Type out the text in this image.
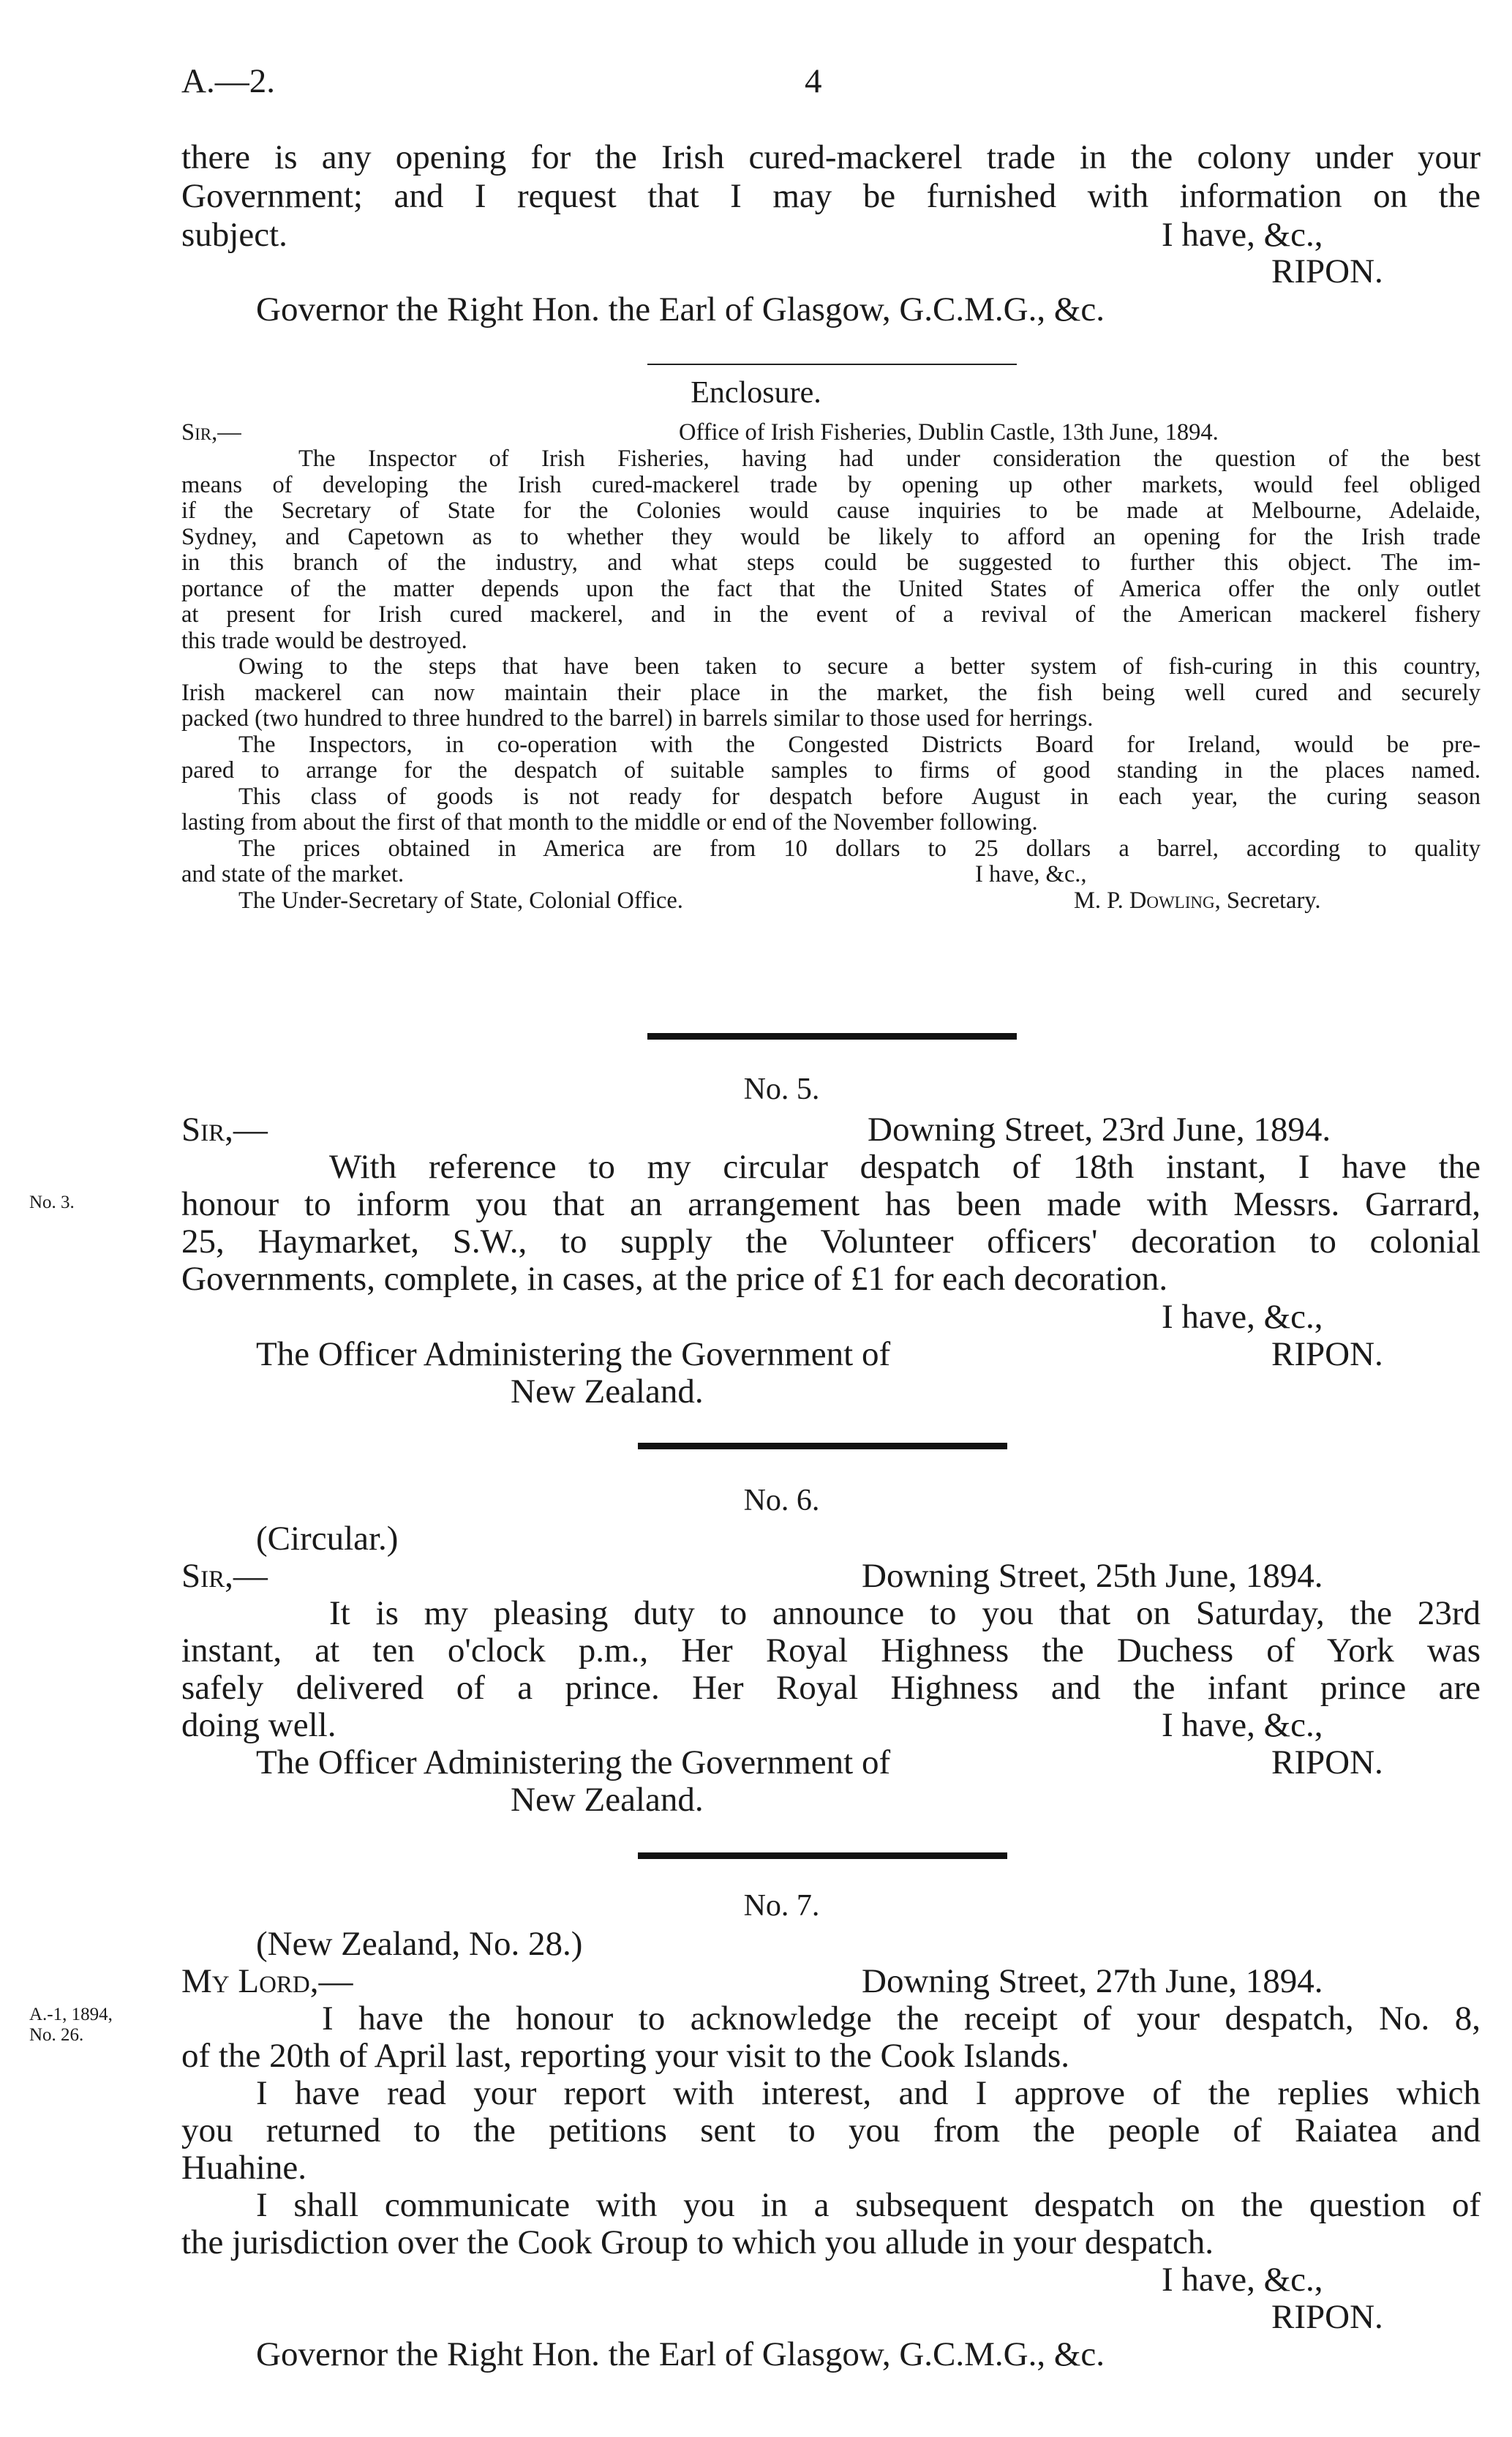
A.—2.	4
there is any opening for the Irish cured-mackerel trade in the colony under your
Government; and I request that I may be furnished with information on the
subject.	I have, &c.,
RIPON.
Governor the Right Hon. the Earl of Glasgow, G.C.M.G., &c.
Enclosure.
Sir,—	Office of Irish Fisheries, Dublin Castle, 13th June, 1894.
The Inspector of Irish Fisheries, having had under consideration the question of the best
means of developing the Irish cured-mackerel trade by opening up other markets, would feel obliged
if the Secretary of State for the Colonies would cause inquiries to be made at Melbourne, Adelaide,
Sydney, and Capetown as to whether they would be likely to afford an opening for the Irish trade
in this branch of the industry, and what steps could be suggested to further this object. The im-
portance of the matter depends upon the fact that the United States of America offer the only outlet
at present for Irish cured mackerel, and in the event of a revival of the American mackerel fishery
this trade would be destroyed.
Owing to the steps that have been taken to secure a better system of fish-curing in this country,
Irish mackerel can now maintain their place in the market, the fish being well cured and securely
packed (two hundred to three hundred to the barrel) in barrels similar to those used for herrings.
The Inspectors, in co-operation with the Congested Districts Board for Ireland, would be pre-
pared to arrange for the despatch of suitable samples to firms of good standing in the places named.
This class of goods is not ready for despatch before August in each year, the curing season
lasting from about the first of that month to the middle or end of the November following.
The prices obtained in America are from 10 dollars to 25 dollars a barrel, according to quality
and state of the market.	I have, &c.,
The Under-Secretary of State, Colonial Office.	M. P. Dowling, Secretary.
No. 5.
Sir,—	Downing Street, 23rd June, 1894.
With reference to my circular despatch of 18th instant, I have the
No. 3.	honour to inform you that an arrangement has been made with Messrs. Garrard,
25, Haymarket, S.W., to supply the Volunteer officers' decoration to colonial
Governments, complete, in cases, at the price of £1 for each decoration.
I have, &c.,
The Officer Administering the Government of	RIPON.
New Zealand.
No. 6.
(Circular.)
Sir,—	Downing Street, 25th June, 1894.
It is my pleasing duty to announce to you that on Saturday, the 23rd
instant, at ten o'clock p.m., Her Royal Highness the Duchess of York was
safely delivered of a prince. Her Royal Highness and the infant prince are
doing well.	I have, &c.,
The Officer Administering the Government of	RIPON.
New Zealand.
No. 7.
(New Zealand, No. 28.)
My Lord,—	Downing Street, 27th June, 1894.
A.-1, 1894,
No. 26.	I have the honour to acknowledge the receipt of your despatch, No. 8,
of the 20th of April last, reporting your visit to the Cook Islands.
I have read your report with interest, and I approve of the replies which
you returned to the petitions sent to you from the people of Raiatea and
Huahine.
I shall communicate with you in a subsequent despatch on the question of
the jurisdiction over the Cook Group to which you allude in your despatch.
I have, &c.,
RIPON.
Governor the Right Hon. the Earl of Glasgow, G.C.M.G., &c.
